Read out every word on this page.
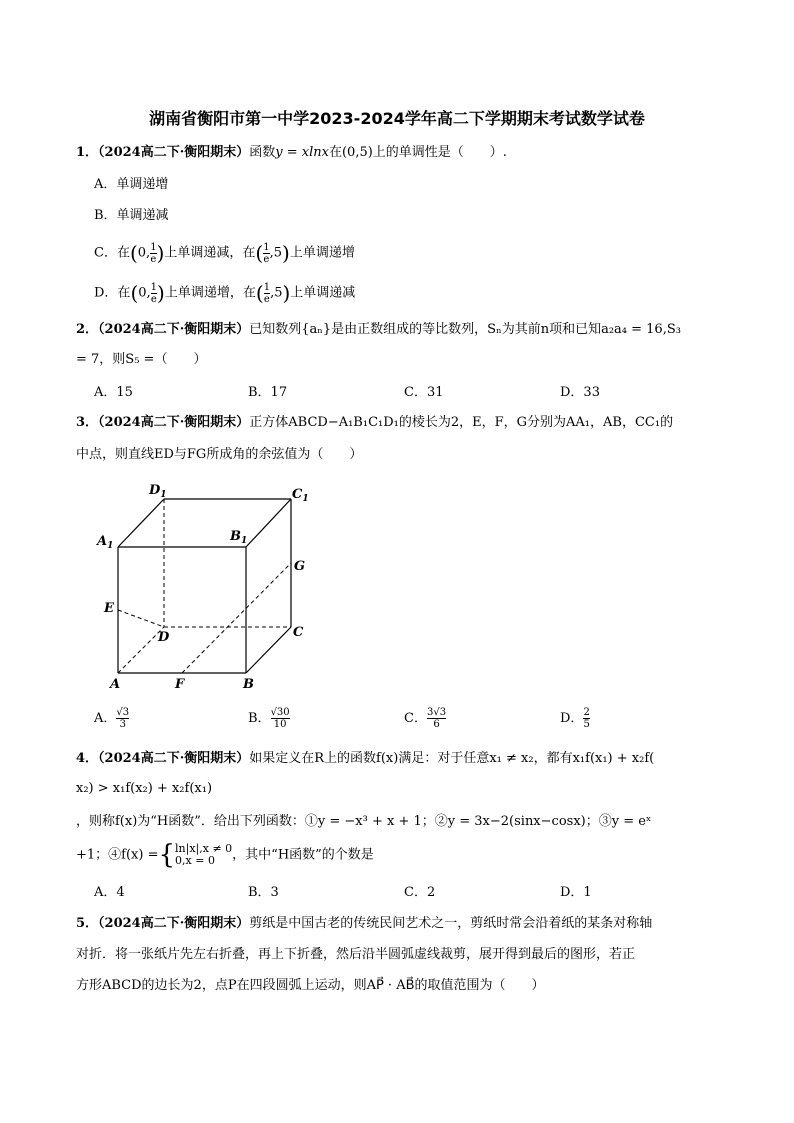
湖南省衡阳市第一中学2023-2024学年高二下学期期末考试数学试卷
1．（2024高二下·衡阳期末）函数y = xlnx在(0,5)上的单调性是（　　）.
A．单调递增
B．单调递减
C．在(0, $\frac{1}{e}$ )上单调递减，在( $\frac{1}{e} ,5$)上单调递增
D．在(0, $\frac{1}{e}$ )上单调递增，在( $\frac{1}{e} ,5$)上单调递减
2．（2024高二下·衡阳期末）已知数列{aₙ}是由正数组成的等比数列，Sₙ为其前n项和已知a₂a₄ = 16,S₃
= 7，则S₅ =（　　）
A．15	B．17	C．31	D．33
3．（2024高二下·衡阳期末）正方体ABCD−A₁B₁C₁D₁的棱长为2，E，F，G分别为AA₁，AB，CC₁的
中点，则直线ED与FG所成角的余弦值为（　　）
$D_1$	$C_1$
$A_1$
$B_1$
G
E
D	C
A	F	B
A． $\frac{√3}{3}$	B． $\frac{√30}{10}$	C． $\frac{3√3}{6}$	D． $\frac{2}{5}$
4．（2024高二下·衡阳期末）如果定义在R上的函数f(x)满足：对于任意x₁ ≠ x₂，都有x₁f(x₁) + x₂f(
x₂) > x₁f(x₂) + x₂f(x₁)
，则称f(x)为“H函数”．给出下列函数：①y = −x³ + x + 1；②y = 3x−2(sinx−cosx)；③y = eˣ
+1；④f(x) ={ ln|x|,x ≠ 0
0,x = 0	，其中“H函数”的个数是
A．4	B．3	C．2	D．1
5．（2024高二下·衡阳期末）剪纸是中国古老的传统民间艺术之一，剪纸时常会沿着纸的某条对称轴
对折．将一张纸片先左右折叠，再上下折叠，然后沿半圆弧虚线裁剪，展开得到最后的图形，若正
方形ABCD的边长为2，点P在四段圆弧上运动，则AP⃗ · AB⃗的取值范围为（　　）
